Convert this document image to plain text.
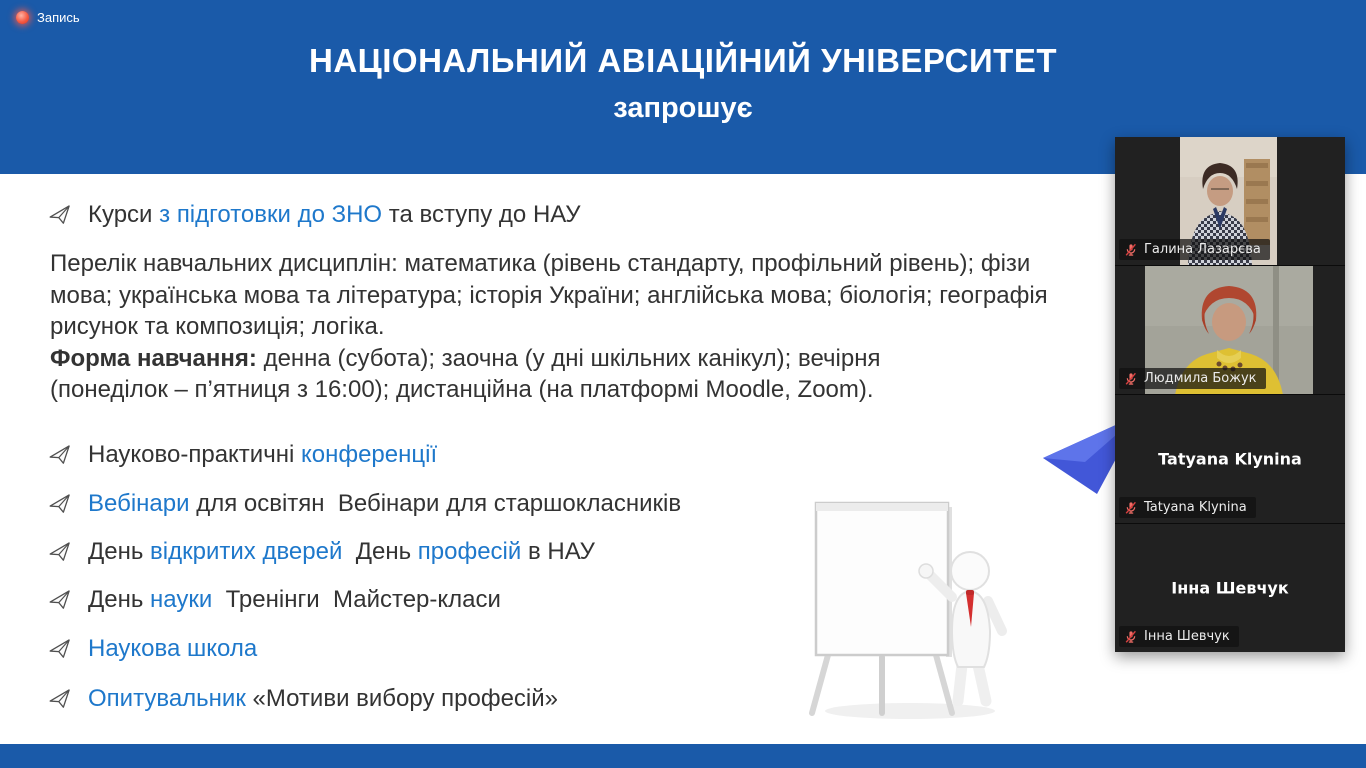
НАЦІОНАЛЬНИЙ АВІАЦІЙНИЙ УНІВЕРСИТЕТ
запрошує
Запись
Курси з підготовки до ЗНО та вступу до НАУ
Перелік навчальних дисциплін: математика (рівень стандарту, профільний рівень); фізи
мова; українська мова та література; історія України; англійська мова; біологія; географія
рисунок та композиція; логіка.
Форма навчання: денна (субота); заочна (у дні шкільних канікул); вечірня
(понеділок – п’ятниця з 16:00); дистанційна (на платформі Moodle, Zoom).
Науково-практичні конференції
Вебінари для освітян  Вебінари для старшокласників
День відкритих дверей  День професій в НАУ
День науки  Тренінги  Майстер-класи
Наукова школа
Опитувальник «Мотиви вибору професій»
Галина Лазарєва
Людмила Божук
Tatyana Klynina
Tatyana Klynina
Інна Шевчук
Інна Шевчук
